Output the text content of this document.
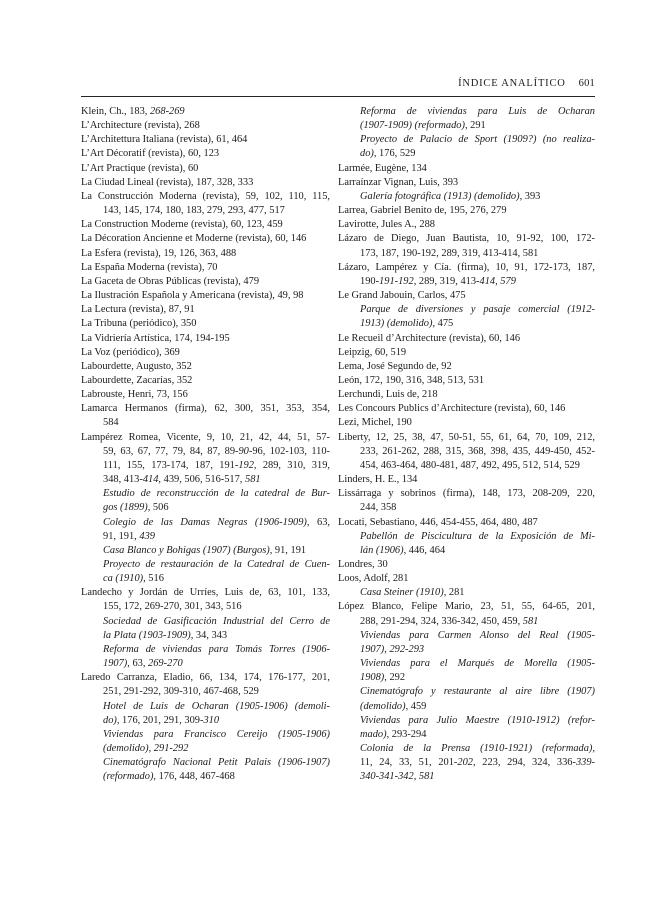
ÍNDICE ANALÍTICO 601
Klein, Ch., 183, 268-269
L’Architecture (revista), 268
L’Architettura Italiana (revista), 61, 464
L’Art Décoratif (revista), 60, 123
L’Art Practique (revista), 60
La Ciudad Lineal (revista), 187, 328, 333
La Construcción Moderna (revista), 59, 102, 110, 115,
143, 145, 174, 180, 183, 279, 293, 477, 517
La Construction Moderne (revista), 60, 123, 459
La Décoration Ancienne et Moderne (revista), 60, 146
La Esfera (revista), 19, 126, 363, 488
La España Moderna (revista), 70
La Gaceta de Obras Públicas (revista), 479
La Ilustración Española y Americana (revista), 49, 98
La Lectura (revista), 87, 91
La Tribuna (periódico), 350
La Vidriería Artística, 174, 194-195
La Voz (periódico), 369
Labourdette, Augusto, 352
Labourdette, Zacarías, 352
Labrouste, Henri, 73, 156
Lamarca Hermanos (firma), 62, 300, 351, 353, 354,
584
Lampérez Romea, Vicente, 9, 10, 21, 42, 44, 51, 57-
59, 63, 67, 77, 79, 84, 87, 89-90-96, 102-103, 110-
111, 155, 173-174, 187, 191-192, 289, 310, 319,
348, 413-414, 439, 506, 516-517, 581
Estudio de reconstrucción de la catedral de Bur-
gos (1899), 506
Colegio de las Damas Negras (1906-1909), 63,
91, 191, 439
Casa Blanco y Bohigas (1907) (Burgos), 91, 191
Proyecto de restauración de la Catedral de Cuen-
ca (1910), 516
Landecho y Jordán de Urríes, Luis de, 63, 101, 133,
155, 172, 269-270, 301, 343, 516
Sociedad de Gasificación Industrial del Cerro de
la Plata (1903-1909), 34, 343
Reforma de viviendas para Tomás Torres (1906-
1907), 63, 269-270
Laredo Carranza, Eladio, 66, 134, 174, 176-177, 201,
251, 291-292, 309-310, 467-468, 529
Hotel de Luis de Ocharan (1905-1906) (demoli-
do), 176, 201, 291, 309-310
Viviendas para Francisco Cereijo (1905-1906)
(demolido), 291-292
Cinematógrafo Nacional Petit Palais (1906-1907)
(reformado), 176, 448, 467-468
Reforma de viviendas para Luis de Ocharan
(1907-1909) (reformado), 291
Proyecto de Palacio de Sport (1909?) (no realiza-
do), 176, 529
Larmée, Eugène, 134
Larraínzar Vignan, Luis, 393
Galería fotográfica (1913) (demolido), 393
Larrea, Gabriel Benito de, 195, 276, 279
Lavirotte, Jules A., 288
Lázaro de Diego, Juan Bautista, 10, 91-92, 100, 172-
173, 187, 190-192, 289, 319, 413-414, 581
Lázaro, Lampérez y Cía. (firma), 10, 91, 172-173, 187,
190-191-192, 289, 319, 413-414, 579
Le Grand Jabouin, Carlos, 475
Parque de diversiones y pasaje comercial (1912-
1913) (demolido), 475
Le Recueil d’Architecture (revista), 60, 146
Leipzig, 60, 519
Lema, José Segundo de, 92
León, 172, 190, 316, 348, 513, 531
Lerchundi, Luis de, 218
Les Concours Publics d’Architecture (revista), 60, 146
Lezi, Michel, 190
Liberty, 12, 25, 38, 47, 50-51, 55, 61, 64, 70, 109, 212,
233, 261-262, 288, 315, 368, 398, 435, 449-450, 452-
454, 463-464, 480-481, 487, 492, 495, 512, 514, 529
Linders, H. E., 134
Lissárraga y sobrinos (firma), 148, 173, 208-209, 220,
244, 358
Locati, Sebastiano, 446, 454-455, 464, 480, 487
Pabellón de Piscicultura de la Exposición de Mi-
lán (1906), 446, 464
Londres, 30
Loos, Adolf, 281
Casa Steiner (1910), 281
López Blanco, Felipe Mario, 23, 51, 55, 64-65, 201,
288, 291-294, 324, 336-342, 450, 459, 581
Viviendas para Carmen Alonso del Real (1905-
1907), 292-293
Viviendas para el Marqués de Morella (1905-
1908), 292
Cinematógrafo y restaurante al aire libre (1907)
(demolido), 459
Viviendas para Julio Maestre (1910-1912) (refor-
mado), 293-294
Colonia de la Prensa (1910-1921) (reformada),
11, 24, 33, 51, 201-202, 223, 294, 324, 336-339-
340-341-342, 581
